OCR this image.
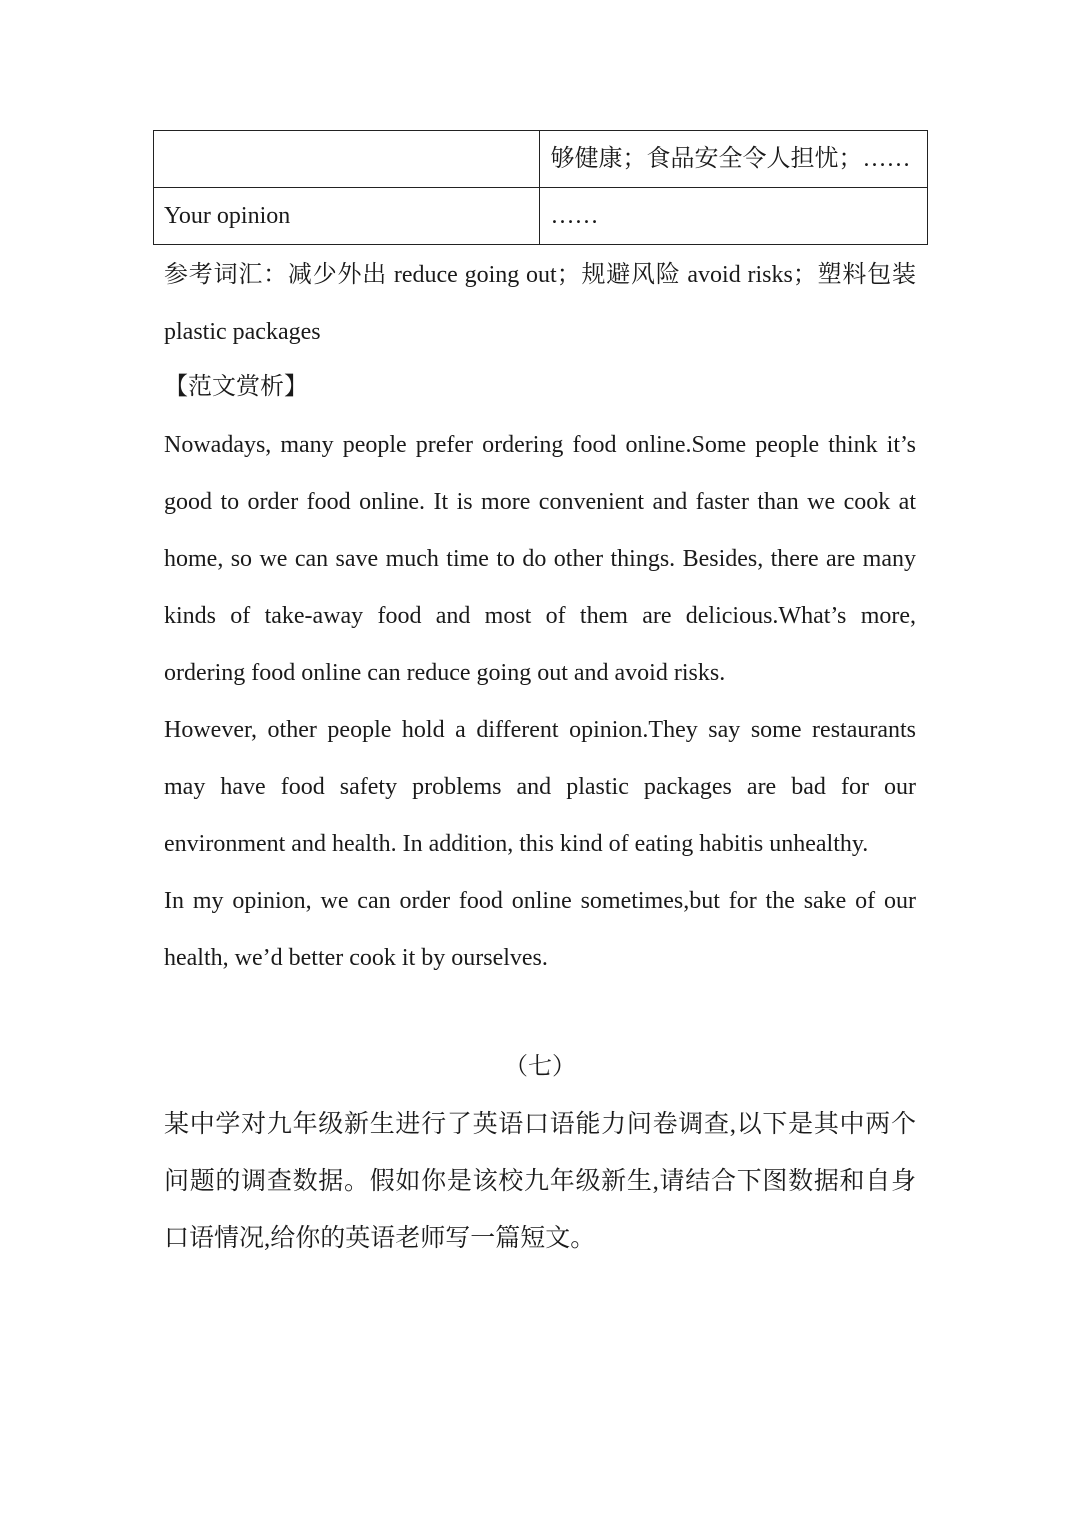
	够健康；食品安全令人担忧；……
Your opinion	……

参考词汇：减少外出 reduce going out；规避风险 avoid risks；塑料包装 plastic packages

【范文赏析】

Nowadays, many people prefer ordering food online.Some people think it’s good to order food online. It is more convenient and faster than we cook at home, so we can save much time to do other things. Besides, there are many kinds of take-away food and most of them are delicious.What’s more, ordering food online can reduce going out and avoid risks.

However, other people hold a different opinion.They say some restaurants may have food safety problems and plastic packages are bad for our environment and health. In addition, this kind of eating habitis unhealthy.

In my opinion, we can order food online sometimes,but for the sake of our health, we’d better cook it by ourselves.

（七）

某中学对九年级新生进行了英语口语能力问卷调查,以下是其中两个问题的调查数据。假如你是该校九年级新生,请结合下图数据和自身口语情况,给你的英语老师写一篇短文。
